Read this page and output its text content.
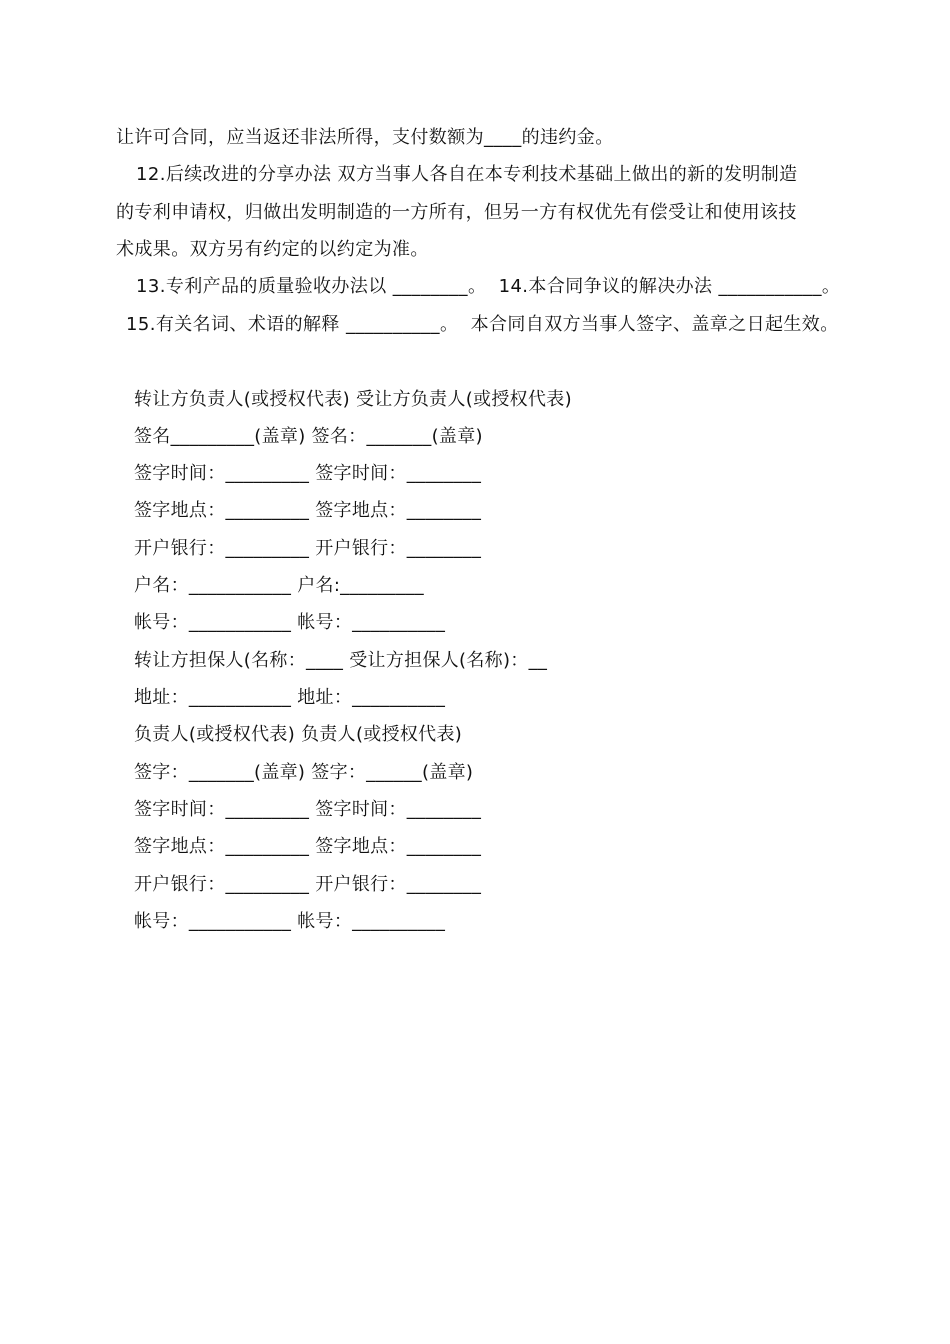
让许可合同，应当返还非法所得，支付数额为____的违约金。
12.后续改进的分享办法 双方当事人各自在本专利技术基础上做出的新的发明制造
的专利申请权，归做出发明制造的一方所有，但另一方有权优先有偿受让和使用该技
术成果。双方另有约定的以约定为准。
13.专利产品的质量验收办法以 ________。  14.本合同争议的解决办法 ___________。
15.有关名词、术语的解释 __________。  本合同自双方当事人签字、盖章之日起生效。
转让方负责人(或授权代表) 受让方负责人(或授权代表)
签名_________(盖章) 签名：_______(盖章)
签字时间：_________ 签字时间：________
签字地点：_________ 签字地点：________
开户银行：_________ 开户银行：________
户名：___________ 户名:_________
帐号：___________ 帐号：__________
转让方担保人(名称：____ 受让方担保人(名称)：__
地址：___________ 地址：__________
负责人(或授权代表) 负责人(或授权代表)
签字：_______(盖章) 签字：______(盖章)
签字时间：_________ 签字时间：________
签字地点：_________ 签字地点：________
开户银行：_________ 开户银行：________
帐号：___________ 帐号：__________
